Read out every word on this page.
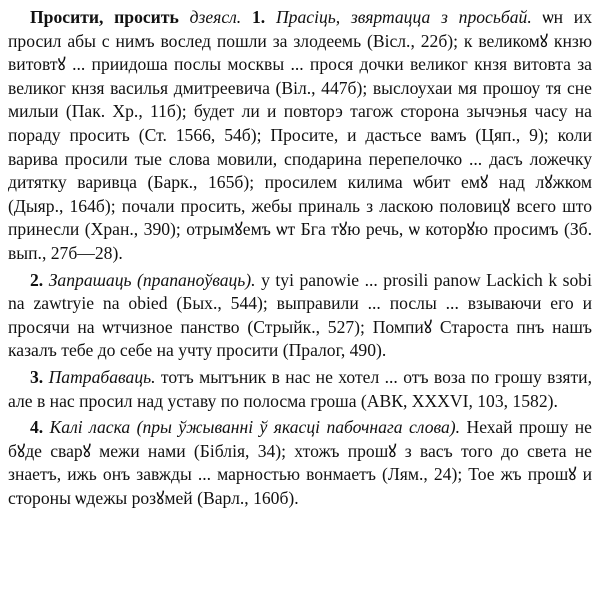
Просити, просить дзеясл. 1. Прасіць, звяртацца з просьбай. ѡн их просил абы с нимъ вослед пошли за злодеемь (Вісл., 22б); к великомꙋ кнзю витовтꙋ ... приидоша послы москвы ... прося дочки великог кнзя витовта за великог кнзя василья дмитреевича (Віл., 447б); выслоухаи мя прошоу тя сне милыи (Пак. Хр., 11б); будет ли и повторэ тагож сторона зычэнья часу на пораду просить (Ст. 1566, 54б); Просите, и дастьсе вамъ (Цяп., 9); коли варива просили тые слова мовили, сподарина перепелочко ... дасъ ложечку дитятку варивца (Барк., 165б); просилем килима ѡбит емꙋ над лꙋжком (Дыяр., 164б); почали просить, жебы приналь з ласкою половицꙋ всего што принесли (Хран., 390); отрымꙋемъ ѡт Бга тꙋю речь, ѡ которꙋю просимъ (Зб. вып., 27б—28).

2. Запрашаць (прапаноўваць). у tyi panowie ... prosili panow Lackich k sobi na zawtryie na obied (Бых., 544); выправили ... послы ... взываючи его и просячи на ѡтчизное панство (Стрыйк., 527); Помпиꙋ Староста пнъ нашъ казалъ тебе до себе на учту просити (Пралог, 490).

3. Патрабаваць. тотъ мытъник в нас не хотел ... отъ воза по грошу взяти, але в нас просил над уставу по полосма гроша (АВК, XXXVI, 103, 1582).

4. Калі ласка (пры ўжыванні ў якасці пабочнага слова). Нехай прошу не бꙋде сварꙋ межи нами (Біблія, 34); хтожъ прошꙋ з васъ того до света не знаетъ, ижь онъ завжды ... марностью вонмаетъ (Лям., 24); Тое жъ прошꙋ и стороны ѡдежы розꙋмей (Варл., 160б).
